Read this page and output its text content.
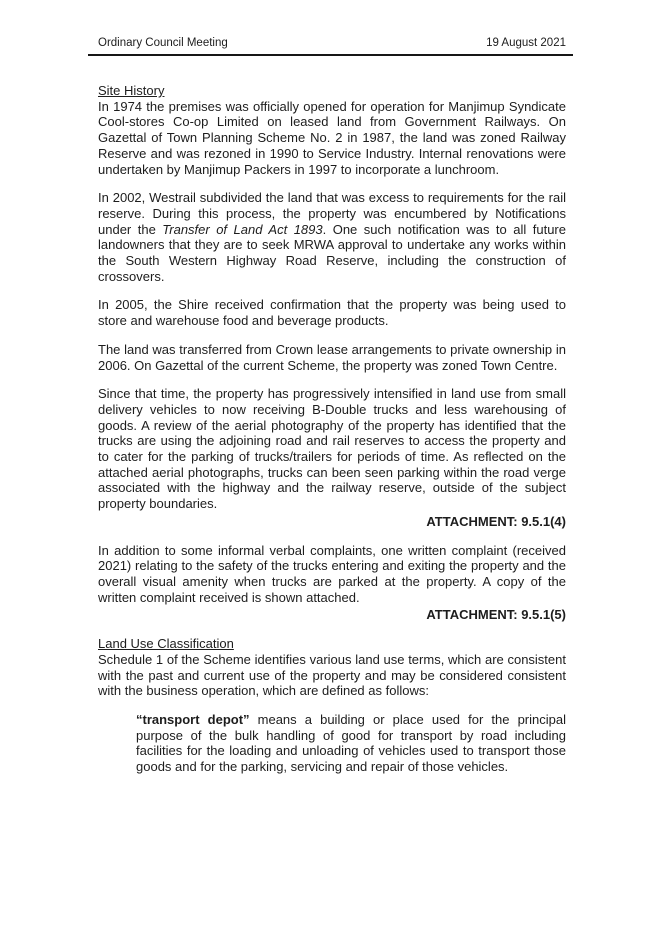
Ordinary Council Meeting	19 August 2021
Site History

In 1974 the premises was officially opened for operation for Manjimup Syndicate Cool-stores Co-op Limited on leased land from Government Railways. On Gazettal of Town Planning Scheme No. 2 in 1987, the land was zoned Railway Reserve and was rezoned in 1990 to Service Industry. Internal renovations were undertaken by Manjimup Packers in 1997 to incorporate a lunchroom.

In 2002, Westrail subdivided the land that was excess to requirements for the rail reserve. During this process, the property was encumbered by Notifications under the Transfer of Land Act 1893. One such notification was to all future landowners that they are to seek MRWA approval to undertake any works within the South Western Highway Road Reserve, including the construction of crossovers.

In 2005, the Shire received confirmation that the property was being used to store and warehouse food and beverage products.

The land was transferred from Crown lease arrangements to private ownership in 2006. On Gazettal of the current Scheme, the property was zoned Town Centre.

Since that time, the property has progressively intensified in land use from small delivery vehicles to now receiving B-Double trucks and less warehousing of goods. A review of the aerial photography of the property has identified that the trucks are using the adjoining road and rail reserves to access the property and to cater for the parking of trucks/trailers for periods of time. As reflected on the attached aerial photographs, trucks can been seen parking within the road verge associated with the highway and the railway reserve, outside of the subject property boundaries.

ATTACHMENT: 9.5.1(4)

In addition to some informal verbal complaints, one written complaint (received 2021) relating to the safety of the trucks entering and exiting the property and the overall visual amenity when trucks are parked at the property. A copy of the written complaint received is shown attached.

ATTACHMENT: 9.5.1(5)
Land Use Classification

Schedule 1 of the Scheme identifies various land use terms, which are consistent with the past and current use of the property and may be considered consistent with the business operation, which are defined as follows:

“transport depot” means a building or place used for the principal purpose of the bulk handling of good for transport by road including facilities for the loading and unloading of vehicles used to transport those goods and for the parking, servicing and repair of those vehicles.
